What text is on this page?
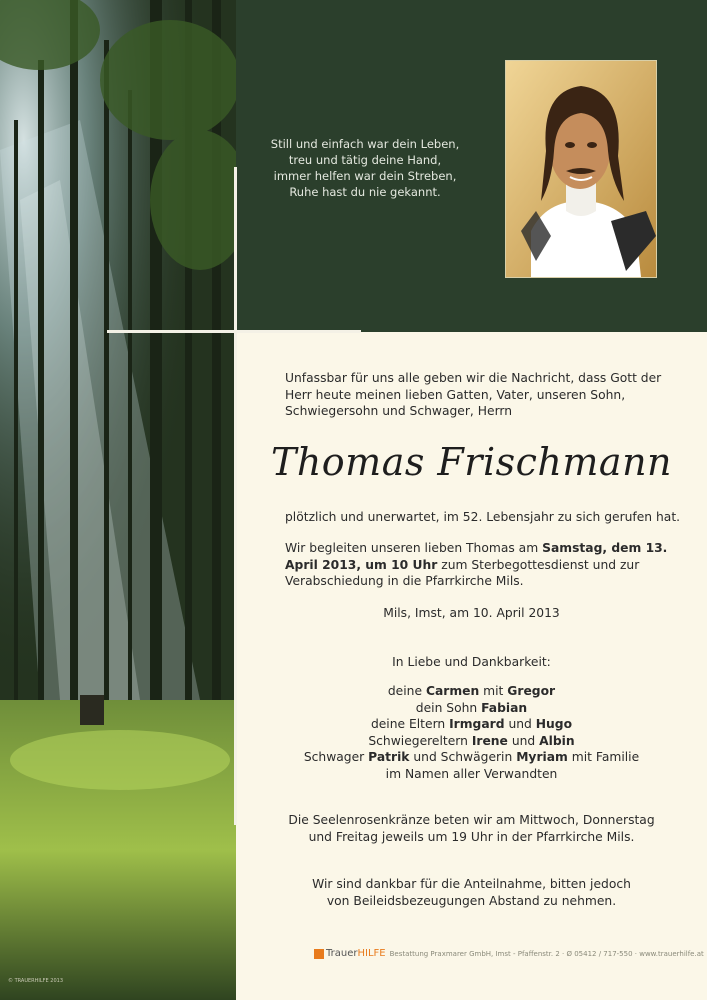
Still und einfach war dein Leben,
treu und tätig deine Hand,
immer helfen war dein Streben,
Ruhe hast du nie gekannt.
Unfassbar für uns alle geben wir die Nachricht, dass Gott der Herr heute meinen lieben Gatten, Vater, unseren Sohn, Schwiegersohn und Schwager, Herrn
Thomas Frischmann
plötzlich und unerwartet, im 52. Lebensjahr zu sich gerufen hat.
Wir begleiten unseren lieben Thomas am Samstag, dem 13. April 2013, um 10 Uhr zum Sterbegottesdienst und zur Verabschiedung in die Pfarrkirche Mils.
Mils, Imst, am 10. April 2013
In Liebe und Dankbarkeit:
deine Carmen mit Gregor
dein Sohn Fabian
deine Eltern Irmgard und Hugo
Schwiegereltern Irene und Albin
Schwager Patrik und Schwägerin Myriam mit Familie
im Namen aller Verwandten
Die Seelenrosenkränze beten wir am Mittwoch, Donnerstag
und Freitag jeweils um 19 Uhr in der Pfarrkirche Mils.
Wir sind dankbar für die Anteilnahme, bitten jedoch
von Beileidsbezeugungen Abstand zu nehmen.
TrauerHILFE Bestattung Praxmarer GmbH, Imst - Pfaffenstr. 2 · Ø 05412 / 717-550 · www.trauerhilfe.at
© TRAUERHILFE 2013
